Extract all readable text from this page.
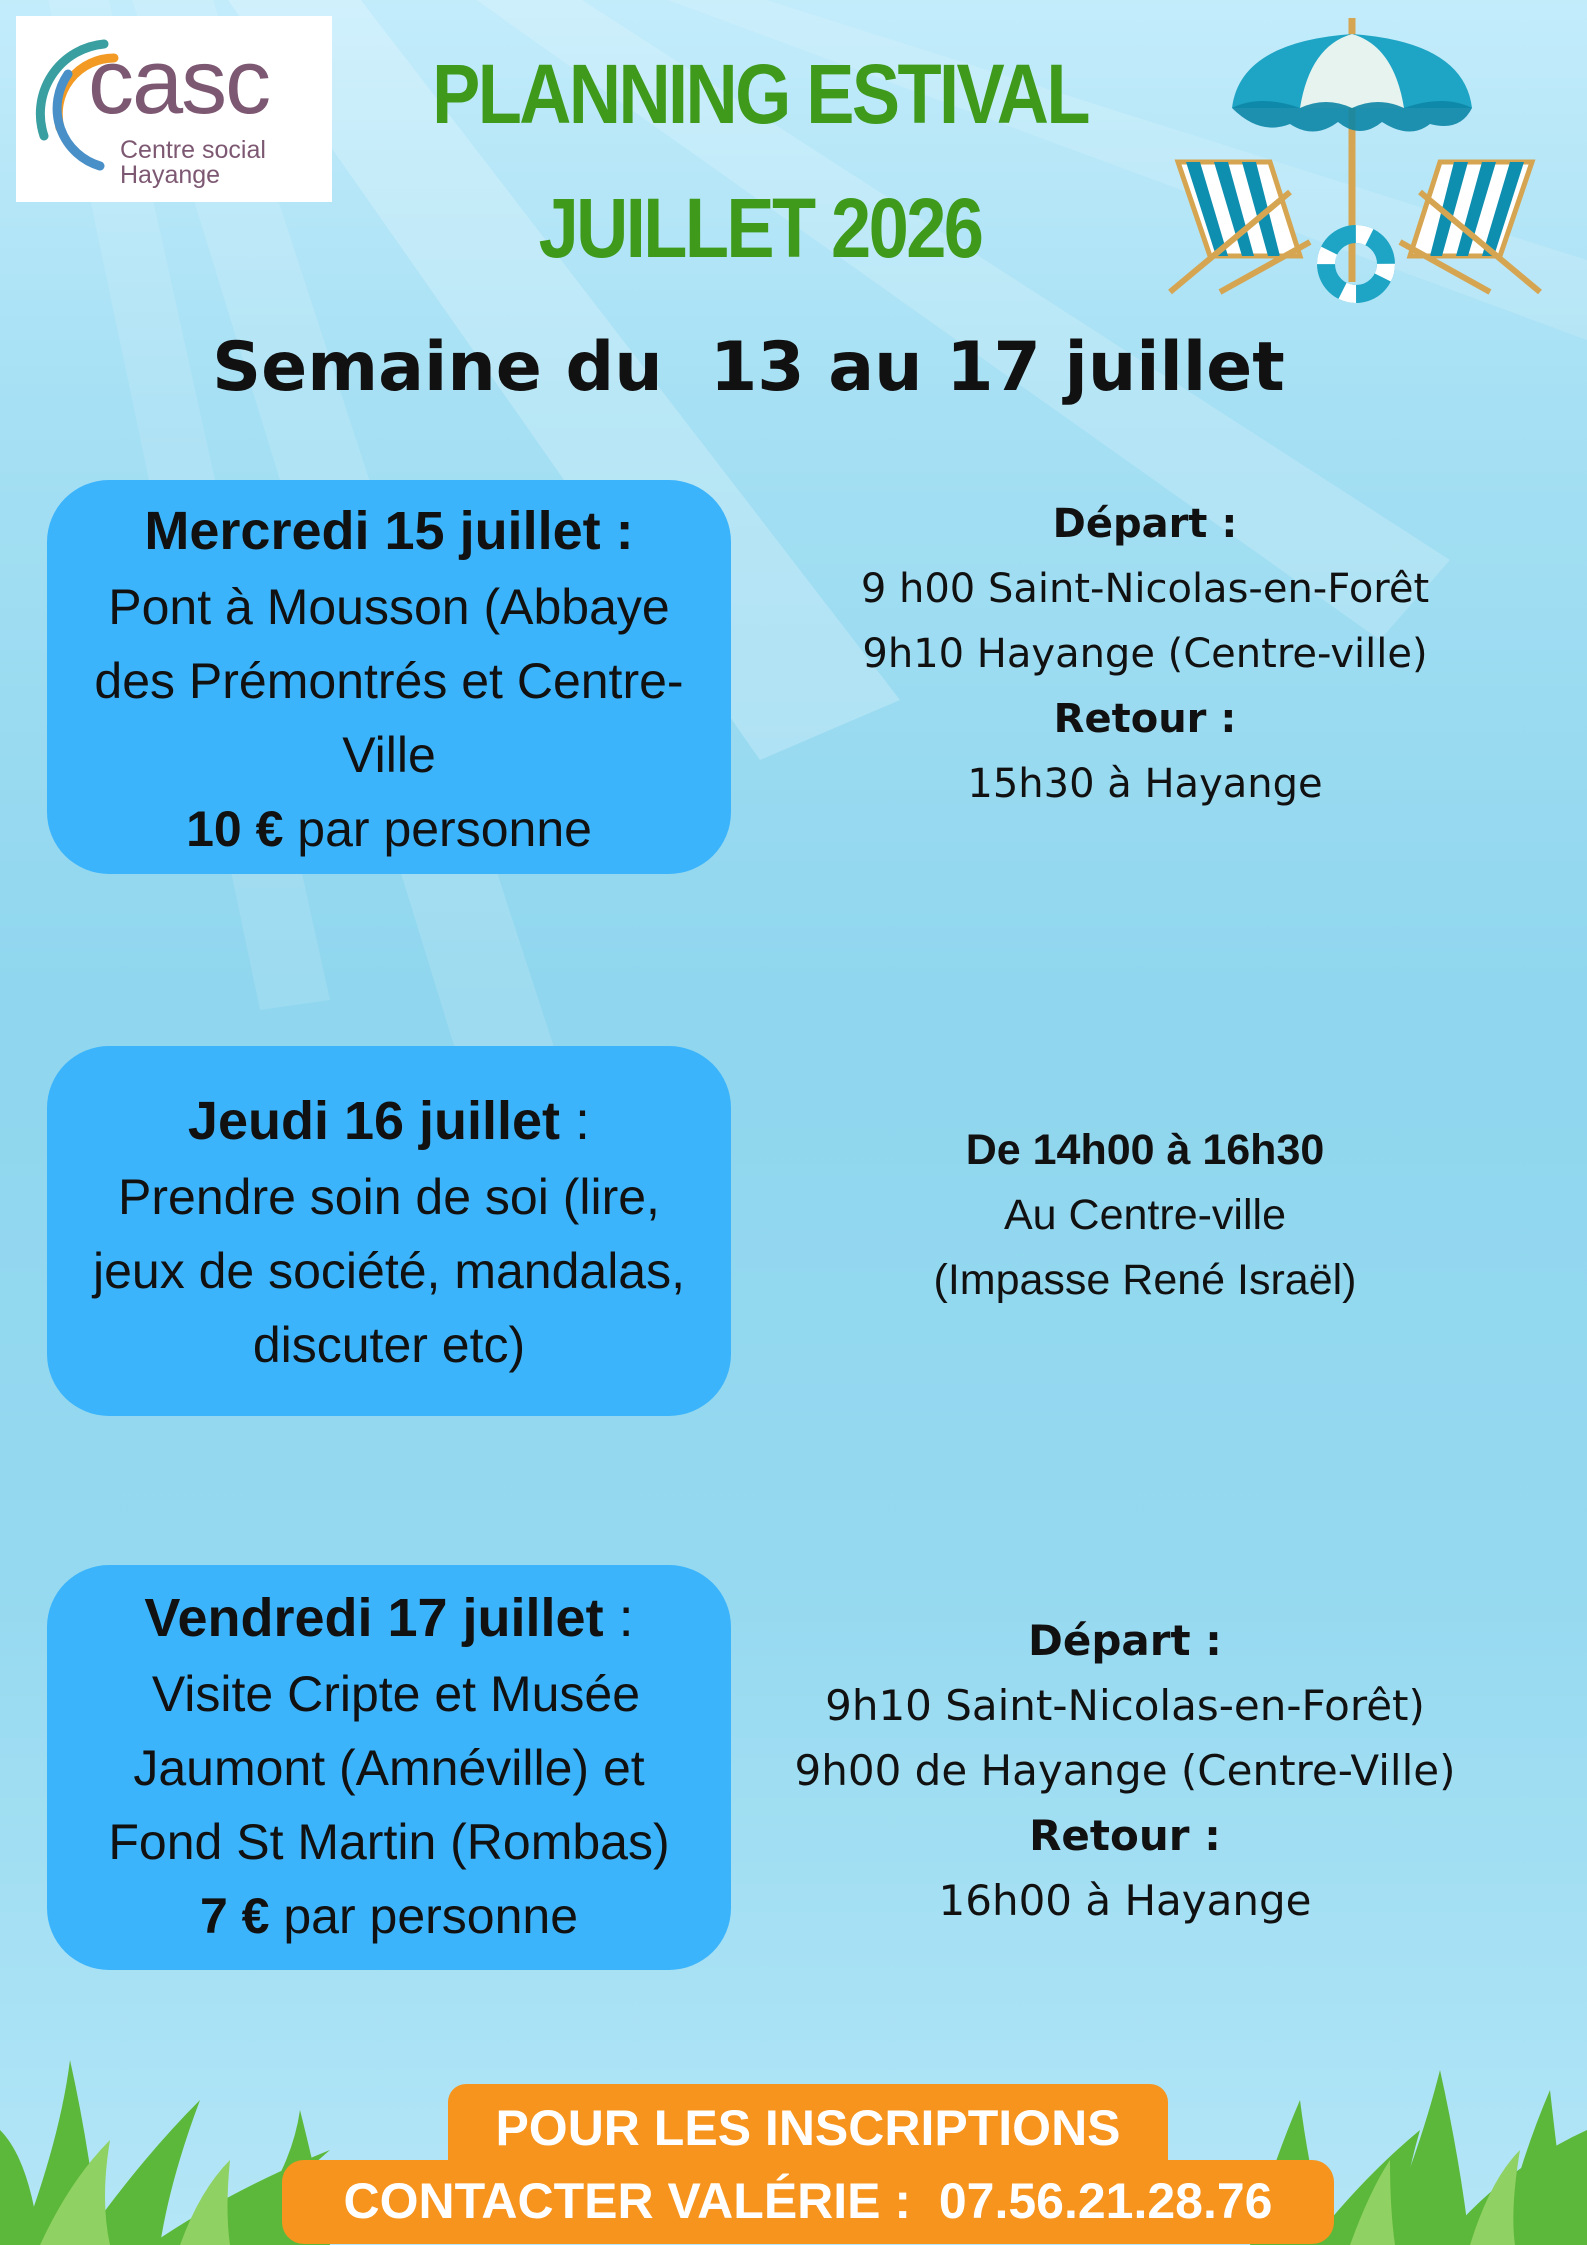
casc
Centre social Hayange
PLANNING ESTIVAL
JUILLET 2026
Semaine du  13 au 17 juillet
Mercredi 15 juillet :
Pont à Mousson (Abbaye
des Prémontrés et Centre-
Ville
10 € par personne
Départ :
9 h00 Saint-Nicolas-en-Forêt
9h10 Hayange (Centre-ville)
Retour :
15h30 à Hayange
Jeudi 16 juillet :
Prendre soin de soi (lire,
jeux de société, mandalas,
discuter etc)
De 14h00 à 16h30
Au Centre-ville
(Impasse René Israël)
Vendredi 17 juillet :
Visite Cripte et Musée
Jaumont (Amnéville) et
Fond St Martin (Rombas)
7 € par personne
Départ :
9h10 Saint-Nicolas-en-Forêt)
9h00 de Hayange (Centre-Ville)
Retour :
16h00 à Hayange
POUR LES INSCRIPTIONS
CONTACTER VALÉRIE :  07.56.21.28.76
